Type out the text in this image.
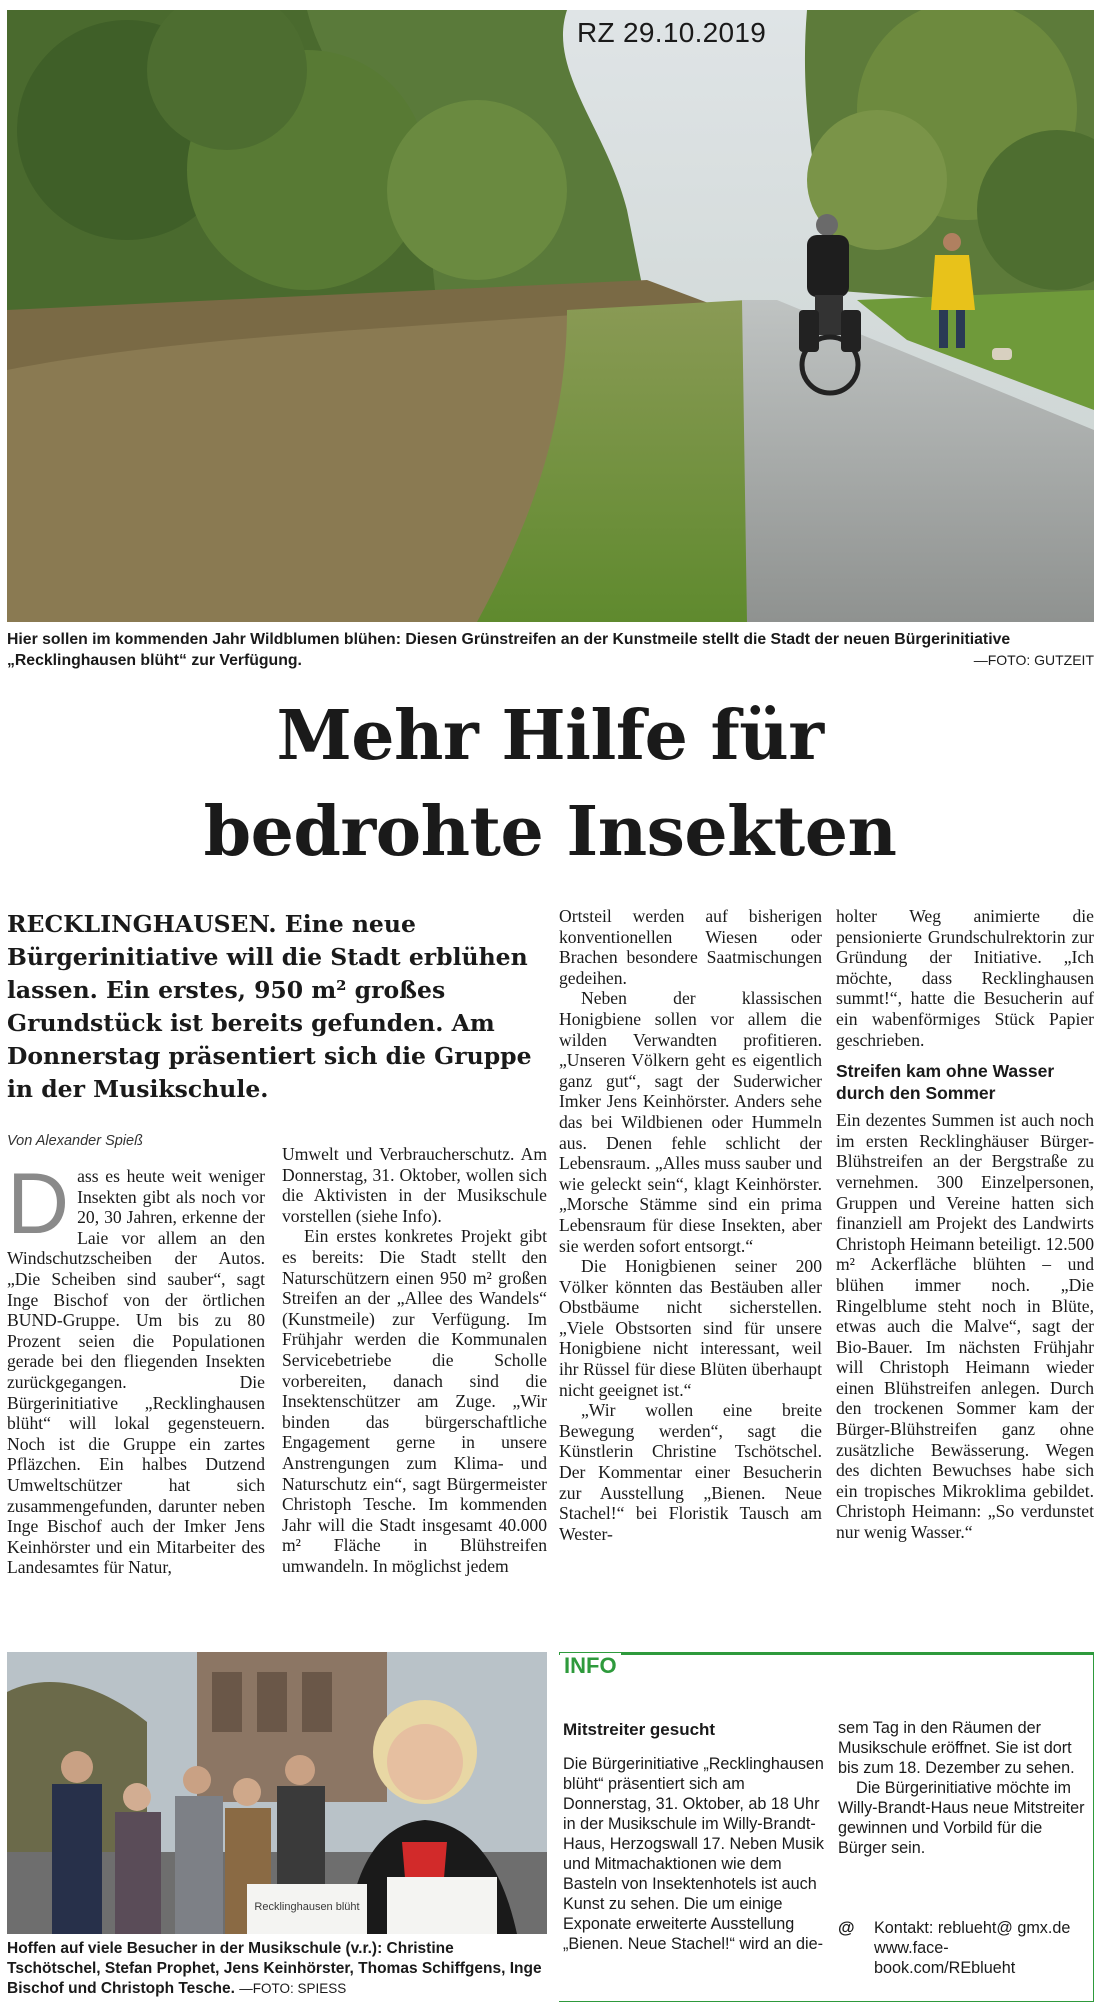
RZ 29.10.2019
Hier sollen im kommenden Jahr Wildblumen blühen: Diesen Grünstreifen an der Kunstmeile stellt die Stadt der neuen Bürgerinitiative „Recklinghausen blüht“ zur Verfügung.	—FOTO: GUTZEIT
Mehr Hilfe für
bedrohte Insekten
RECKLINGHAUSEN. Eine neue Bürgerinitiative will die Stadt erblühen lassen. Ein erstes, 950 m² großes Grundstück ist bereits gefunden. Am Donnerstag präsentiert sich die Gruppe in der Musikschule.
Von Alexander Spieß

Dass es heute weit weniger Insekten gibt als noch vor 20, 30 Jahren, erkenne der Laie vor allem an den Windschutzscheiben der Autos. „Die Scheiben sind sauber“, sagt Inge Bischof von der örtlichen BUND-Gruppe. Um bis zu 80 Prozent seien die Populationen gerade bei den fliegenden Insekten zurückgegangen. Die Bürgerinitiative „Recklinghausen blüht“ will lokal gegensteuern. Noch ist die Gruppe ein zartes Pfläzchen. Ein halbes Dutzend Umweltschützer hat sich zusammengefunden, darunter neben Inge Bischof auch der Imker Jens Keinhörster und ein Mitarbeiter des Landesamtes für Natur,

Umwelt und Verbraucherschutz. Am Donnerstag, 31. Oktober, wollen sich die Aktivisten in der Musikschule vorstellen (siehe Info).

Ein erstes konkretes Projekt gibt es bereits: Die Stadt stellt den Naturschützern einen 950 m² großen Streifen an der „Allee des Wandels“ (Kunstmeile) zur Verfügung. Im Frühjahr werden die Kommunalen Servicebetriebe die Scholle vorbereiten, danach sind die Insektenschützer am Zuge. „Wir binden das bürgerschaftliche Engagement gerne in unsere Anstrengungen zum Klima- und Naturschutz ein“, sagt Bürgermeister Christoph Tesche. Im kommenden Jahr will die Stadt insgesamt 40.000 m² Fläche in Blühstreifen umwandeln. In möglichst jedem

Ortsteil werden auf bisherigen konventionellen Wiesen oder Brachen besondere Saatmischungen gedeihen.

Neben der klassischen Honigbiene sollen vor allem die wilden Verwandten profitieren. „Unseren Völkern geht es eigentlich ganz gut“, sagt der Suderwicher Imker Jens Keinhörster. Anders sehe das bei Wildbienen oder Hummeln aus. Denen fehle schlicht der Lebensraum. „Alles muss sauber und wie geleckt sein“, klagt Keinhörster. „Morsche Stämme sind ein prima Lebensraum für diese Insekten, aber sie werden sofort entsorgt.“

Die Honigbienen seiner 200 Völker könnten das Bestäuben aller Obstbäume nicht sicherstellen. „Viele Obstsorten sind für unsere Honigbiene nicht interessant, weil ihr Rüssel für diese Blüten überhaupt nicht geeignet ist.“

„Wir wollen eine breite Bewegung werden“, sagt die Künstlerin Christine Tschötschel. Der Kommentar einer Besucherin zur Ausstellung „Bienen. Neue Stachel!“ bei Floristik Tausch am Wester-

holter Weg animierte die pensionierte Grundschulrektorin zur Gründung der Initiative. „Ich möchte, dass Recklinghausen summt!“, hatte die Besucherin auf ein wabenförmiges Stück Papier geschrieben.

Streifen kam ohne Wasser durch den Sommer

Ein dezentes Summen ist auch noch im ersten Recklinghäuser Bürger-Blühstreifen an der Bergstraße zu vernehmen. 300 Einzelpersonen, Gruppen und Vereine hatten sich finanziell am Projekt des Landwirts Christoph Heimann beteiligt. 12.500 m² Ackerfläche blühten – und blühen immer noch. „Die Ringelblume steht noch in Blüte, etwas auch die Malve“, sagt der Bio-Bauer. Im nächsten Frühjahr will Christoph Heimann wieder einen Blühstreifen anlegen. Durch den trockenen Sommer kam der Bürger-Blühstreifen ganz ohne zusätzliche Bewässerung. Wegen des dichten Bewuchses habe sich ein tropisches Mikroklima gebildet. Christoph Heimann: „So verdunstet nur wenig Wasser.“

Recklinghausen blüht
Hoffen auf viele Besucher in der Musikschule (v.r.): Christine Tschötschel, Stefan Prophet, Jens Keinhörster, Thomas Schiffgens, Inge Bischof und Christoph Tesche. —FOTO: SPIESS
INFO
Mitstreiter gesucht

Die Bürgerinitiative „Recklinghausen blüht“ präsentiert sich am Donnerstag, 31. Oktober, ab 18 Uhr in der Musikschule im Willy-Brandt-Haus, Herzogswall 17. Neben Musik und Mitmachaktionen wie dem Basteln von Insektenhotels ist auch Kunst zu sehen. Die um einige Exponate erweiterte Ausstellung „Bienen. Neue Stachel!“ wird an die-

sem Tag in den Räumen der Musikschule eröffnet. Sie ist dort bis zum 18. Dezember zu sehen.

Die Bürgerinitiative möchte im Willy-Brandt-Haus neue Mitstreiter gewinnen und Vorbild für die Bürger sein.

@ Kontakt: reblueht@ gmx.de www.face- book.com/REblueht
